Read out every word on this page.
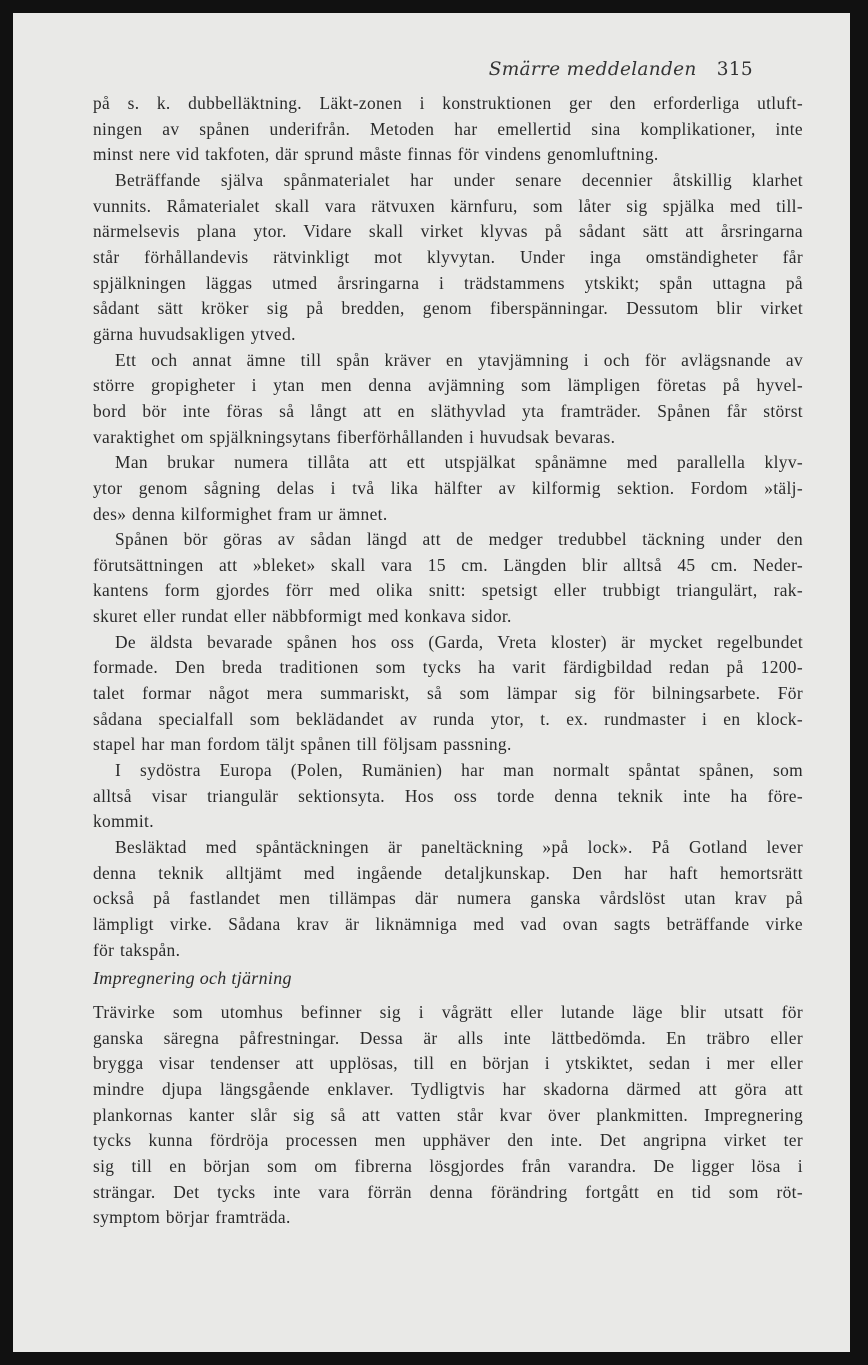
Smärre meddelanden 315
på s. k. dubbelläktning. Läkt-zonen i konstruktionen ger den erforderliga utluft-
ningen av spånen underifrån. Metoden har emellertid sina komplikationer, inte
minst nere vid takfoten, där sprund måste finnas för vindens genomluftning.
Beträffande själva spånmaterialet har under senare decennier åtskillig klarhet
vunnits. Råmaterialet skall vara rätvuxen kärnfuru, som låter sig spjälka med till-
närmelsevis plana ytor. Vidare skall virket klyvas på sådant sätt att årsringarna
står förhållandevis rätvinkligt mot klyvytan. Under inga omständigheter får
spjälkningen läggas utmed årsringarna i trädstammens ytskikt; spån uttagna på
sådant sätt kröker sig på bredden, genom fiberspänningar. Dessutom blir virket
gärna huvudsakligen ytved.
Ett och annat ämne till spån kräver en ytavjämning i och för avlägsnande av
större gropigheter i ytan men denna avjämning som lämpligen företas på hyvel-
bord bör inte föras så långt att en släthyvlad yta framträder. Spånen får störst
varaktighet om spjälkningsytans fiberförhållanden i huvudsak bevaras.
Man brukar numera tillåta att ett utspjälkat spånämne med parallella klyv-
ytor genom sågning delas i två lika hälfter av kilformig sektion. Fordom »tälj-
des» denna kilformighet fram ur ämnet.
Spånen bör göras av sådan längd att de medger tredubbel täckning under den
förutsättningen att »bleket» skall vara 15 cm. Längden blir alltså 45 cm. Neder-
kantens form gjordes förr med olika snitt: spetsigt eller trubbigt triangulärt, rak-
skuret eller rundat eller näbbformigt med konkava sidor.
De äldsta bevarade spånen hos oss (Garda, Vreta kloster) är mycket regelbundet
formade. Den breda traditionen som tycks ha varit färdigbildad redan på 1200-
talet formar något mera summariskt, så som lämpar sig för bilningsarbete. För
sådana specialfall som beklädandet av runda ytor, t. ex. rundmaster i en klock-
stapel har man fordom täljt spånen till följsam passning.
I sydöstra Europa (Polen, Rumänien) har man normalt spåntat spånen, som
alltså visar triangulär sektionsyta. Hos oss torde denna teknik inte ha före-
kommit.
Besläktad med spåntäckningen är paneltäckning »på lock». På Gotland lever
denna teknik alltjämt med ingående detaljkunskap. Den har haft hemortsrätt
också på fastlandet men tillämpas där numera ganska vårdslöst utan krav på
lämpligt virke. Sådana krav är liknämniga med vad ovan sagts beträffande virke
för takspån.
Impregnering och tjärning
Trävirke som utomhus befinner sig i vågrätt eller lutande läge blir utsatt för
ganska säregna påfrestningar. Dessa är alls inte lättbedömda. En träbro eller
brygga visar tendenser att upplösas, till en början i ytskiktet, sedan i mer eller
mindre djupa längsgående enklaver. Tydligtvis har skadorna därmed att göra att
plankornas kanter slår sig så att vatten står kvar över plankmitten. Impregnering
tycks kunna fördröja processen men upphäver den inte. Det angripna virket ter
sig till en början som om fibrerna lösgjordes från varandra. De ligger lösa i
strängar. Det tycks inte vara förrän denna förändring fortgått en tid som röt-
symptom börjar framträda.
